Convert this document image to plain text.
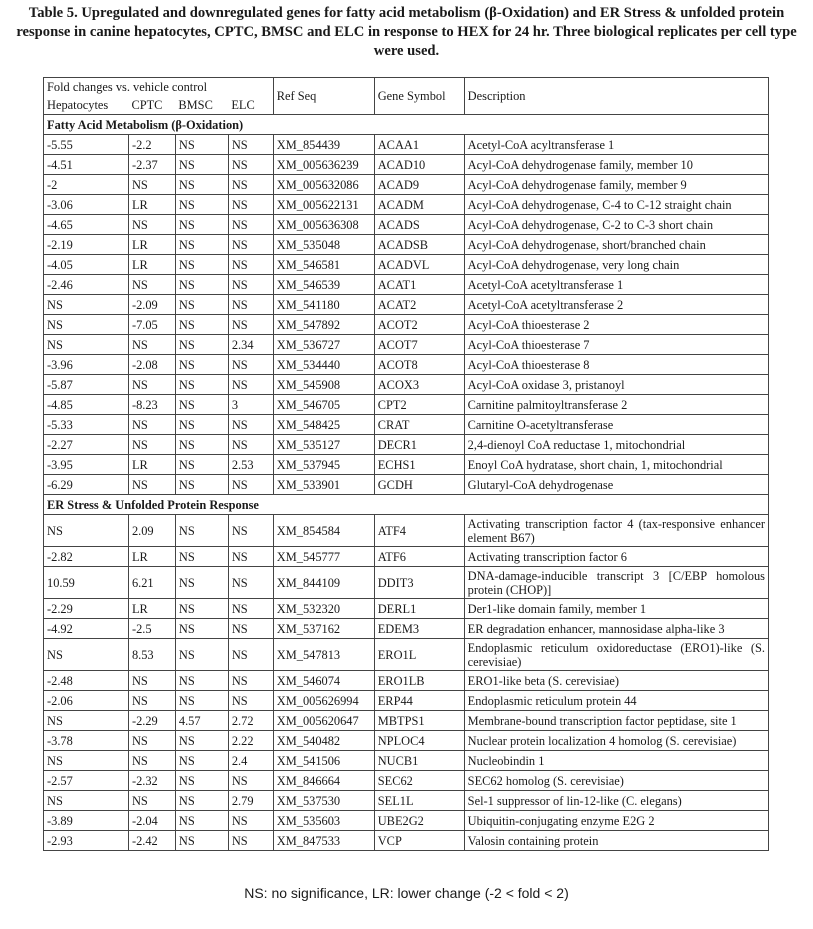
Table 5. Upregulated and downregulated genes for fatty acid metabolism (β-Oxidation) and ER Stress & unfolded protein response in canine hepatocytes, CPTC, BMSC and ELC in response to HEX for 24 hr. Three biological replicates per cell type were used.
Fold changes vs. vehicle control				Ref Seq	Gene Symbol	Description
Hepatocytes	CPTC	BMSC	ELC			
Fatty Acid Metabolism (β-Oxidation)						
-5.55	-2.2	NS	NS	XM_854439	ACAA1	Acetyl-CoA acyltransferase 1
-4.51	-2.37	NS	NS	XM_005636239	ACAD10	Acyl-CoA dehydrogenase family, member 10
-2	NS	NS	NS	XM_005632086	ACAD9	Acyl-CoA dehydrogenase family, member 9
-3.06	LR	NS	NS	XM_005622131	ACADM	Acyl-CoA dehydrogenase, C-4 to C-12 straight chain
-4.65	NS	NS	NS	XM_005636308	ACADS	Acyl-CoA dehydrogenase, C-2 to C-3 short chain
-2.19	LR	NS	NS	XM_535048	ACADSB	Acyl-CoA dehydrogenase, short/branched chain
-4.05	LR	NS	NS	XM_546581	ACADVL	Acyl-CoA dehydrogenase, very long chain
-2.46	NS	NS	NS	XM_546539	ACAT1	Acetyl-CoA acetyltransferase 1
NS	-2.09	NS	NS	XM_541180	ACAT2	Acetyl-CoA acetyltransferase 2
NS	-7.05	NS	NS	XM_547892	ACOT2	Acyl-CoA thioesterase 2
NS	NS	NS	2.34	XM_536727	ACOT7	Acyl-CoA thioesterase 7
-3.96	-2.08	NS	NS	XM_534440	ACOT8	Acyl-CoA thioesterase 8
-5.87	NS	NS	NS	XM_545908	ACOX3	Acyl-CoA oxidase 3, pristanoyl
-4.85	-8.23	NS	3	XM_546705	CPT2	Carnitine palmitoyltransferase 2
-5.33	NS	NS	NS	XM_548425	CRAT	Carnitine O-acetyltransferase
-2.27	NS	NS	NS	XM_535127	DECR1	2,4-dienoyl CoA reductase 1, mitochondrial
-3.95	LR	NS	2.53	XM_537945	ECHS1	Enoyl CoA hydratase, short chain, 1, mitochondrial
-6.29	NS	NS	NS	XM_533901	GCDH	Glutaryl-CoA dehydrogenase
ER Stress & Unfolded Protein Response						
NS	2.09	NS	NS	XM_854584	ATF4	Activating transcription factor 4 (tax-responsive enhancer element B67)
-2.82	LR	NS	NS	XM_545777	ATF6	Activating transcription factor 6
10.59	6.21	NS	NS	XM_844109	DDIT3	DNA-damage-inducible transcript 3 [C/EBP homolous protein (CHOP)]
-2.29	LR	NS	NS	XM_532320	DERL1	Der1-like domain family, member 1
-4.92	-2.5	NS	NS	XM_537162	EDEM3	ER degradation enhancer, mannosidase alpha-like 3
NS	8.53	NS	NS	XM_547813	ERO1L	Endoplasmic reticulum oxidoreductase (ERO1)-like (S. cerevisiae)
-2.48	NS	NS	NS	XM_546074	ERO1LB	ERO1-like beta (S. cerevisiae)
-2.06	NS	NS	NS	XM_005626994	ERP44	Endoplasmic reticulum protein 44
NS	-2.29	4.57	2.72	XM_005620647	MBTPS1	Membrane-bound transcription factor peptidase, site 1
-3.78	NS	NS	2.22	XM_540482	NPLOC4	Nuclear protein localization 4 homolog (S. cerevisiae)
NS	NS	NS	2.4	XM_541506	NUCB1	Nucleobindin 1
-2.57	-2.32	NS	NS	XM_846664	SEC62	SEC62 homolog (S. cerevisiae)
NS	NS	NS	2.79	XM_537530	SEL1L	Sel-1 suppressor of lin-12-like (C. elegans)
-3.89	-2.04	NS	NS	XM_535603	UBE2G2	Ubiquitin-conjugating enzyme E2G 2
-2.93	-2.42	NS	NS	XM_847533	VCP	Valosin containing protein
NS: no significance, LR: lower change (-2 < fold < 2)
